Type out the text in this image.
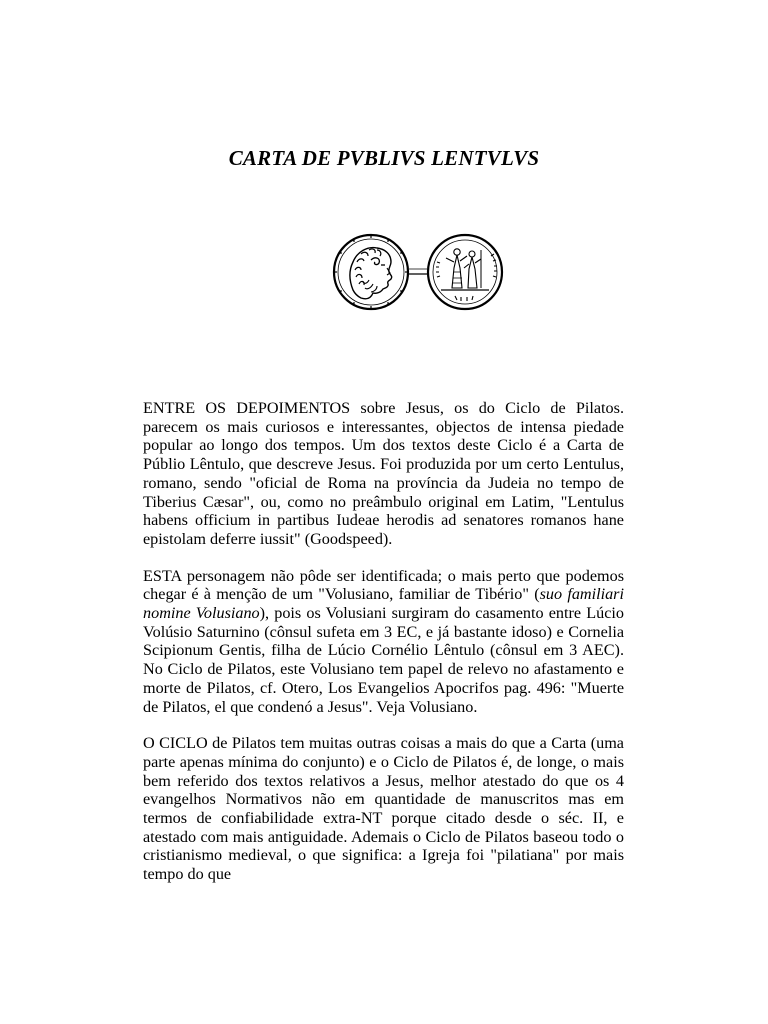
CARTA DE PVBLIVS LENTVLVS

ENTRE OS DEPOIMENTOS sobre Jesus, os do Ciclo de Pilatos. parecem os mais curiosos e interessantes, objectos de intensa piedade popular ao longo dos tempos. Um dos textos deste Ciclo é a Carta de Públio Lêntulo, que descreve Jesus. Foi produzida por um certo Lentulus, romano, sendo "oficial de Roma na província da Judeia no tempo de Tiberius Cæsar", ou, como no preâmbulo original em Latim, "Lentulus habens officium in partibus Iudeae herodis ad senatores romanos hane epistolam deferre iussit" (Goodspeed).

ESTA personagem não pôde ser identificada; o mais perto que podemos chegar é à menção de um "Volusiano, familiar de Tibério" (suo familiari nomine Volusiano), pois os Volusiani surgiram do casamento entre Lúcio Volúsio Saturnino (cônsul sufeta em 3 EC, e já bastante idoso) e Cornelia Scipionum Gentis, filha de Lúcio Cornélio Lêntulo (cônsul em 3 AEC). No Ciclo de Pilatos, este Volusiano tem papel de relevo no afastamento e morte de Pilatos, cf. Otero, Los Evangelios Apocrifos pag. 496: "Muerte de Pilatos, el que condenó a Jesus". Veja Volusiano.

O CICLO de Pilatos tem muitas outras coisas a mais do que a Carta (uma parte apenas mínima do conjunto) e o Ciclo de Pilatos é, de longe, o mais bem referido dos textos relativos a Jesus, melhor atestado do que os 4 evangelhos Normativos não em quantidade de manuscritos mas em termos de confiabilidade extra-NT porque citado desde o séc. II, e atestado com mais antiguidade. Ademais o Ciclo de Pilatos baseou todo o cristianismo medieval, o que significa: a Igreja foi "pilatiana" por mais tempo do que
